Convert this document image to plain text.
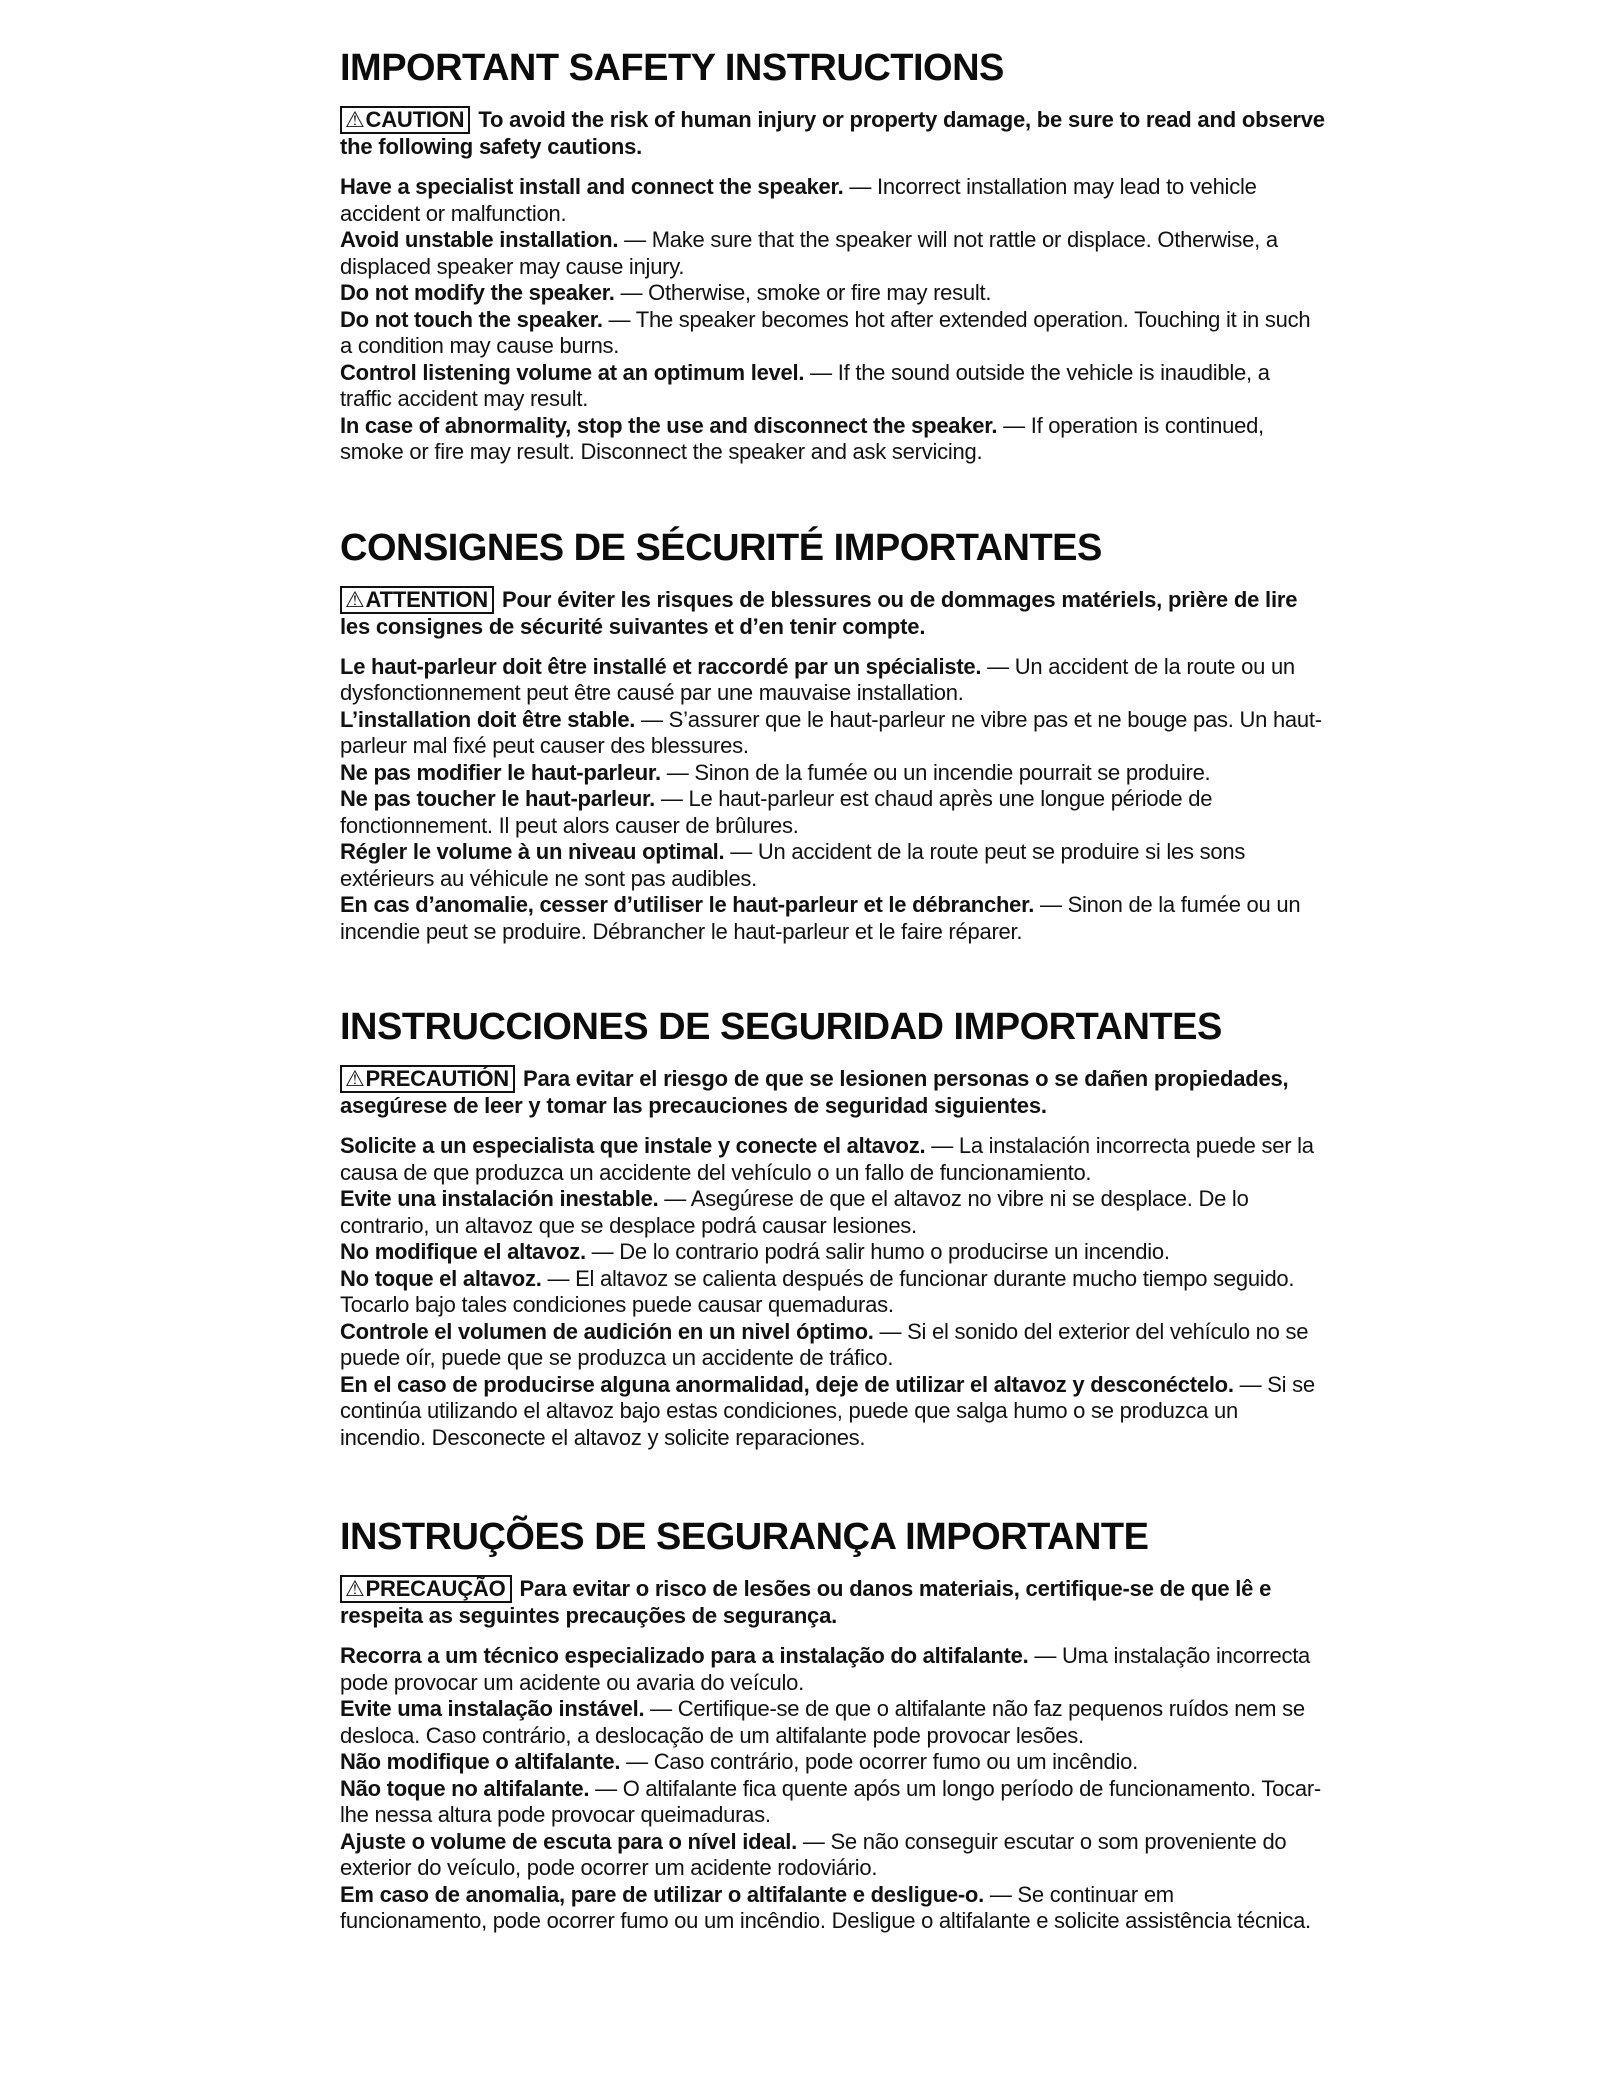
IMPORTANT SAFETY INSTRUCTIONS
⚠CAUTION To avoid the risk of human injury or property damage, be sure to read and observe the following safety cautions.

Have a specialist install and connect the speaker. — Incorrect installation may lead to vehicle accident or malfunction.

Avoid unstable installation. — Make sure that the speaker will not rattle or displace. Otherwise, a displaced speaker may cause injury.

Do not modify the speaker. — Otherwise, smoke or fire may result.

Do not touch the speaker. — The speaker becomes hot after extended operation. Touching it in such a condition may cause burns.

Control listening volume at an optimum level. — If the sound outside the vehicle is inaudible, a traffic accident may result.

In case of abnormality, stop the use and disconnect the speaker. — If operation is continued, smoke or fire may result. Disconnect the speaker and ask servicing.

CONSIGNES DE SÉCURITÉ IMPORTANTES
⚠ATTENTION Pour éviter les risques de blessures ou de dommages matériels, prière de lire les consignes de sécurité suivantes et d’en tenir compte.

Le haut-parleur doit être installé et raccordé par un spécialiste. — Un accident de la route ou un dysfonctionnement peut être causé par une mauvaise installation.

L’installation doit être stable. — S’assurer que le haut-parleur ne vibre pas et ne bouge pas. Un haut-parleur mal fixé peut causer des blessures.

Ne pas modifier le haut-parleur. — Sinon de la fumée ou un incendie pourrait se produire.

Ne pas toucher le haut-parleur. — Le haut-parleur est chaud après une longue période de fonctionnement. Il peut alors causer de brûlures.

Régler le volume à un niveau optimal. — Un accident de la route peut se produire si les sons extérieurs au véhicule ne sont pas audibles.

En cas d’anomalie, cesser d’utiliser le haut-parleur et le débrancher. — Sinon de la fumée ou un incendie peut se produire. Débrancher le haut-parleur et le faire réparer.

INSTRUCCIONES DE SEGURIDAD IMPORTANTES
⚠PRECAUTIÓN Para evitar el riesgo de que se lesionen personas o se dañen propiedades, asegúrese de leer y tomar las precauciones de seguridad siguientes.

Solicite a un especialista que instale y conecte el altavoz. — La instalación incorrecta puede ser la causa de que produzca un accidente del vehículo o un fallo de funcionamiento.

Evite una instalación inestable. — Asegúrese de que el altavoz no vibre ni se desplace. De lo contrario, un altavoz que se desplace podrá causar lesiones.

No modifique el altavoz. — De lo contrario podrá salir humo o producirse un incendio.

No toque el altavoz. — El altavoz se calienta después de funcionar durante mucho tiempo seguido. Tocarlo bajo tales condiciones puede causar quemaduras.

Controle el volumen de audición en un nivel óptimo. — Si el sonido del exterior del vehículo no se puede oír, puede que se produzca un accidente de tráfico.

En el caso de producirse alguna anormalidad, deje de utilizar el altavoz y desconéctelo. — Si se continúa utilizando el altavoz bajo estas condiciones, puede que salga humo o se produzca un incendio. Desconecte el altavoz y solicite reparaciones.

INSTRUÇÕES DE SEGURANÇA IMPORTANTE
⚠PRECAUÇÃO Para evitar o risco de lesões ou danos materiais, certifique-se de que lê e respeita as seguintes precauções de segurança.

Recorra a um técnico especializado para a instalação do altifalante. — Uma instalação incorrecta pode provocar um acidente ou avaria do veículo.

Evite uma instalação instável. — Certifique-se de que o altifalante não faz pequenos ruídos nem se desloca. Caso contrário, a deslocação de um altifalante pode provocar lesões.

Não modifique o altifalante. — Caso contrário, pode ocorrer fumo ou um incêndio.

Não toque no altifalante. — O altifalante fica quente após um longo período de funcionamento. Tocar-lhe nessa altura pode provocar queimaduras.

Ajuste o volume de escuta para o nível ideal. — Se não conseguir escutar o som proveniente do exterior do veículo, pode ocorrer um acidente rodoviário.

Em caso de anomalia, pare de utilizar o altifalante e desligue-o. — Se continuar em funcionamento, pode ocorrer fumo ou um incêndio. Desligue o altifalante e solicite assistência técnica.
